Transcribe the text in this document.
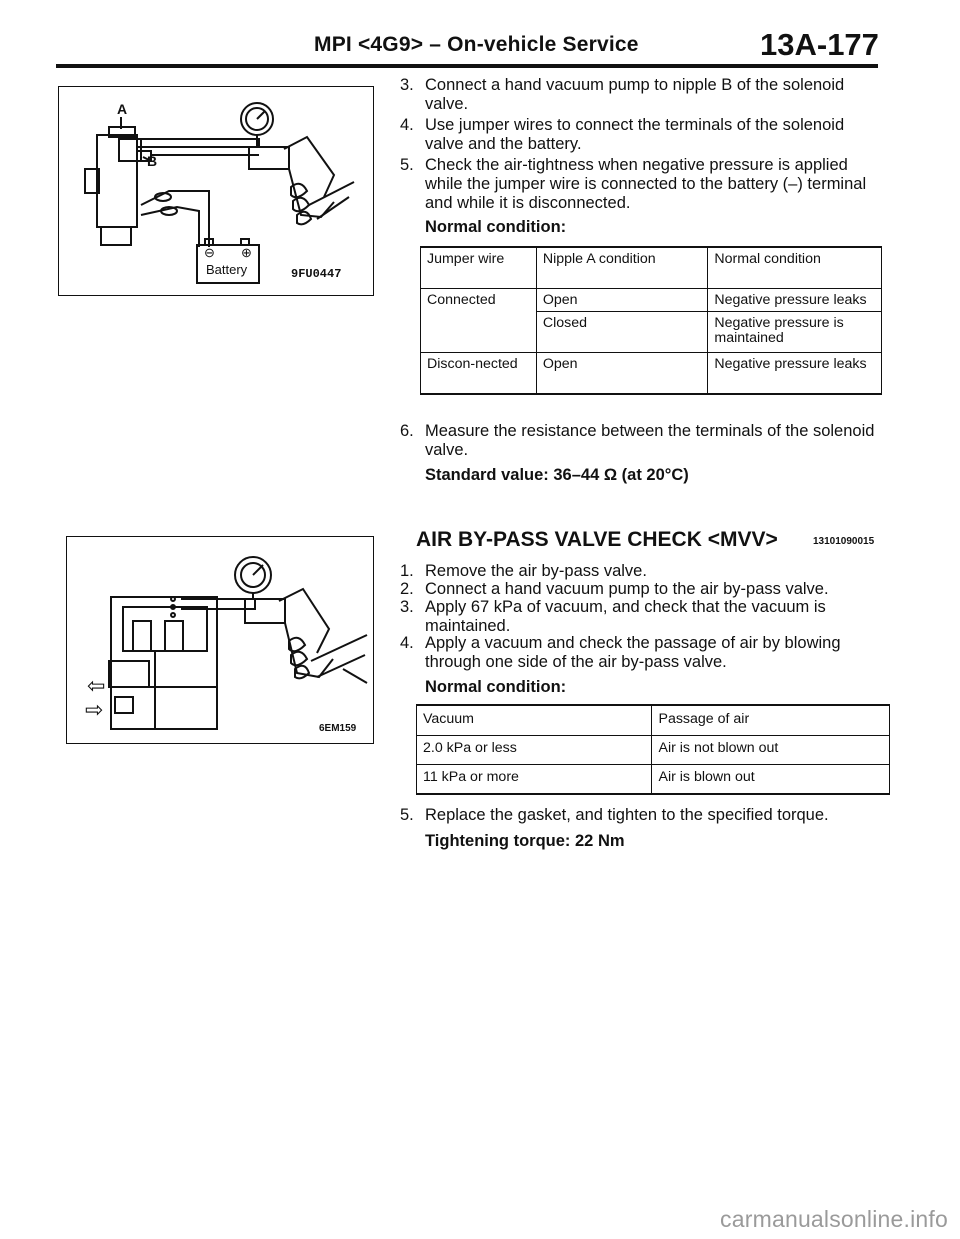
MPI <4G9> – On-vehicle Service	13A-177
A
B
⊖ ⊕
Battery	9FU0447
⇦
⇨
6EM159
3. Connect a hand vacuum pump to nipple B of the solenoid valve.
4. Use jumper wires to connect the terminals of the solenoid valve and the battery.
5. Check the air-tightness when negative pressure is applied while the jumper wire is connected to the battery (–) terminal and while it is disconnected.
Normal condition:
Jumper wire	Nipple A condition	Normal condition
Connected	Open	Negative pressure leaks
	Closed	Negative pressure is maintained
Discon-nected	Open	Negative pressure leaks
6. Measure the resistance between the terminals of the solenoid valve.
Standard value: 36–44 Ω (at 20°C)
AIR BY-PASS VALVE CHECK <MVV>	13101090015
1. Remove the air by-pass valve.
2. Connect a hand vacuum pump to the air by-pass valve.
3. Apply 67 kPa of vacuum, and check that the vacuum is maintained.
4. Apply a vacuum and check the passage of air by blowing through one side of the air by-pass valve.
Normal condition:
Vacuum	Passage of air
2.0 kPa or less	Air is not blown out
11 kPa or more	Air is blown out
5. Replace the gasket, and tighten to the specified torque.
Tightening torque: 22 Nm
carmanualsonline.info
